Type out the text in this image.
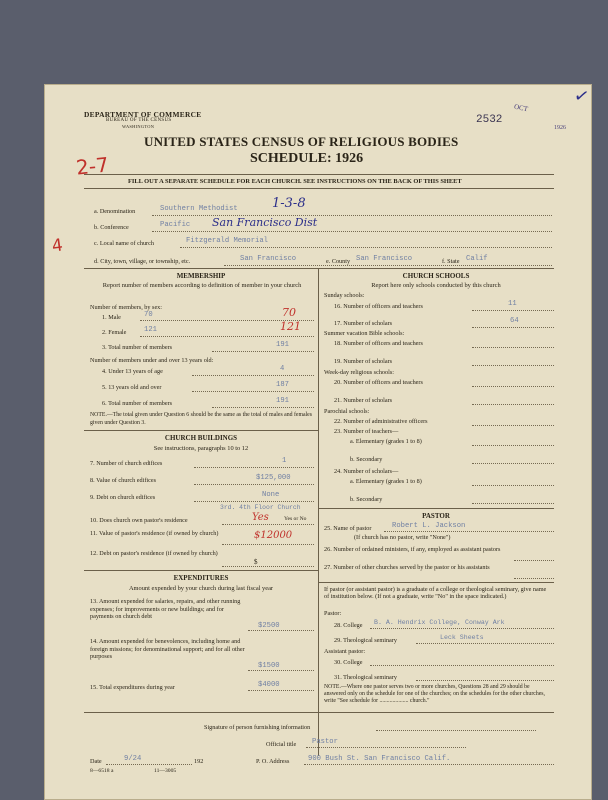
DEPARTMENT OF COMMERCE
BUREAU OF THE CENSUS
WASHINGTON
2532
OCT
1926
✓
UNITED STATES CENSUS OF RELIGIOUS BODIES
SCHEDULE: 1926
2-7
FILL OUT A SEPARATE SCHEDULE FOR EACH CHURCH. SEE INSTRUCTIONS ON THE BACK OF THIS SHEET
a. Denomination	Southern Methodist	1-3-8
b. Conference	Pacific San Francisco Dist
c. Local name of church	Fitzgerald Memorial
d. City, town, village, or township, etc.	San Francisco	e. County San Francisco	f. State Calif
4
MEMBERSHIP
Report number of members according to definition of member in your church
Number of members, by sex:
1. Male	70	70
2. Female 121	121
3. Total number of members	191
Number of members under and over 13 years old:
4. Under 13 years of age	4
5. 13 years old and over	187
6. Total number of members	191
NOTE.—The total given under Question 6 should be the same as the total of males and females given under Question 3.
CHURCH BUILDINGS
See instructions, paragraphs 10 to 12
7. Number of church edifices	1
8. Value of church edifices	$125,000
9. Debt on church edifices	None
3rd. 4th Floor Church
10. Does church own pastor's residence	Yes	Yes or No
11. Value of pastor's residence (if owned by church)	$12000
12. Debt on pastor's residence (if owned by church)
$
EXPENDITURES
Amount expended by your church during last fiscal year
13. Amount expended for salaries, repairs, and other running expenses; for improvements or new buildings; and for payments on church debt
$2500
14. Amount expended for benevolences, including home and foreign missions; for denominational support; and for all other purposes
$1500
15. Total expenditures during year	$4000
CHURCH SCHOOLS
Report here only schools conducted by this church
Sunday schools:
16. Number of officers and teachers	11
17. Number of scholars	64
Summer vacation Bible schools:
18. Number of officers and teachers
19. Number of scholars
Week-day religious schools:
20. Number of officers and teachers
21. Number of scholars
Parochial schools:
22. Number of administrative officers
23. Number of teachers—
a. Elementary (grades 1 to 8)
b. Secondary
24. Number of scholars—
a. Elementary (grades 1 to 8)
b. Secondary
PASTOR
25. Name of pastor	Robert L. Jackson
(If church has no pastor, write "None")
26. Number of ordained ministers, if any, employed as assistant pastors
27. Number of other churches served by the pastor or his assistants
If pastor (or assistant pastor) is a graduate of a college or theological seminary, give name of institution below. (If not a graduate, write "No" in the space indicated.)
Pastor:
28. College B. A. Hendrix College, Conway Ark
29. Theological seminary	Leck Sheets
Assistant pastor:
30. College
31. Theological seminary
NOTE.—Where one pastor serves two or more churches, Questions 28 and 29 should be answered only on the schedule for one of the churches; on the schedules for the other churches, write "See schedule for .................... church."
Signature of person furnishing information
Official title Pastor
Date	9/24	192	P. O. Address	900 Bush St. San Francisco Calif.
8—6518 a	11—3005
